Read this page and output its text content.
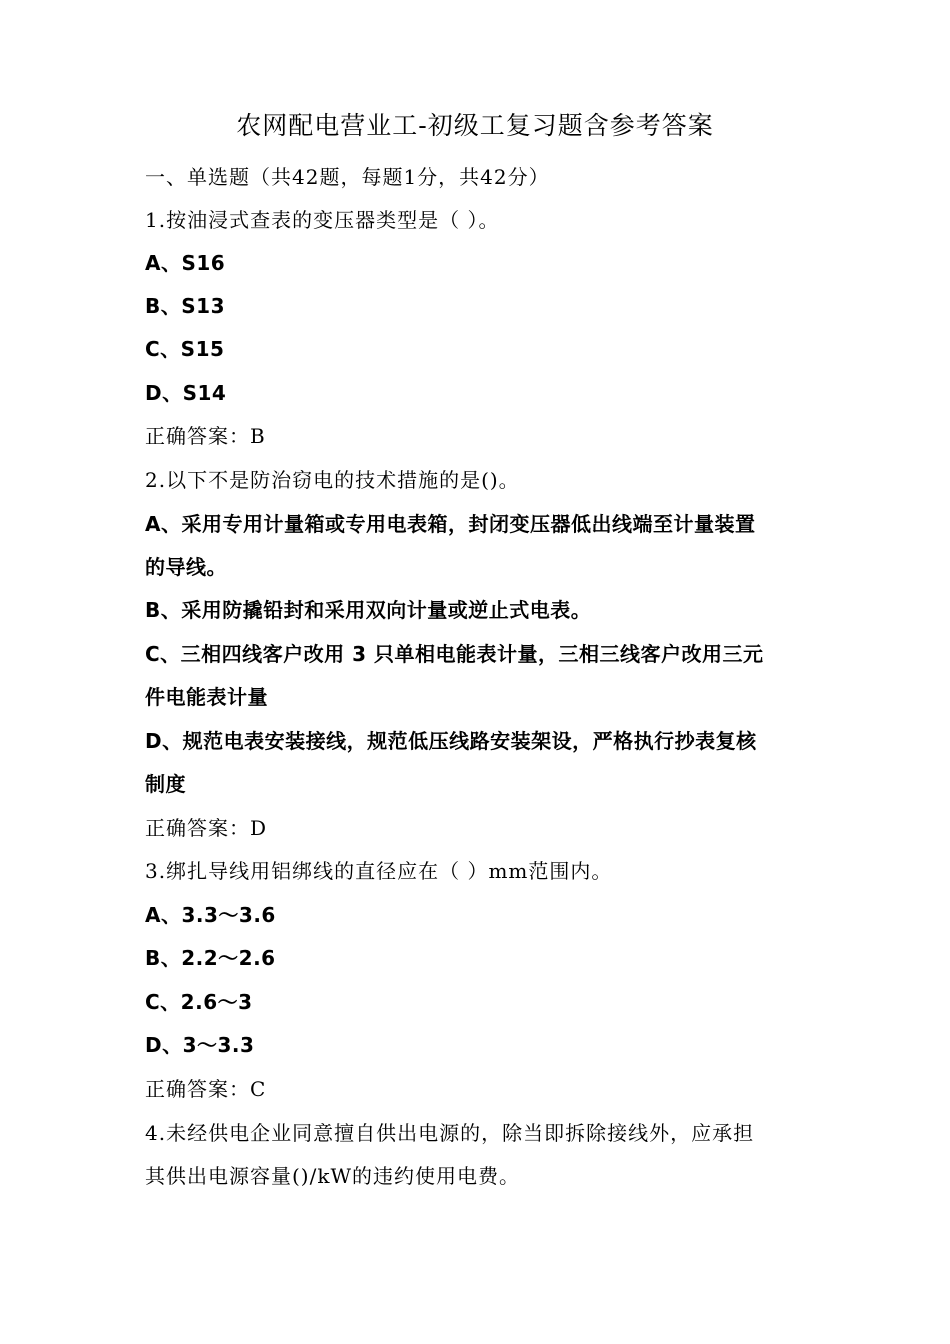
农网配电营业工-初级工复习题含参考答案
一、单选题（共42题，每题1分，共42分）
1.按油浸式查表的变压器类型是（ ）。
A、S16
B、S13
C、S15
D、S14
正确答案：B
2.以下不是防治窃电的技术措施的是()。
A、采用专用计量箱或专用电表箱，封闭变压器低出线端至计量装置
的导线。
B、采用防撬铅封和采用双向计量或逆止式电表。
C、三相四线客户改用 3 只单相电能表计量，三相三线客户改用三元
件电能表计量
D、规范电表安装接线，规范低压线路安装架设，严格执行抄表复核
制度
正确答案：D
3.绑扎导线用铝绑线的直径应在（ ）mm范围内。
A、3.3～3.6
B、2.2～2.6
C、2.6～3
D、3～3.3
正确答案：C
4.未经供电企业同意擅自供出电源的，除当即拆除接线外，应承担
其供出电源容量()/kW的违约使用电费。
